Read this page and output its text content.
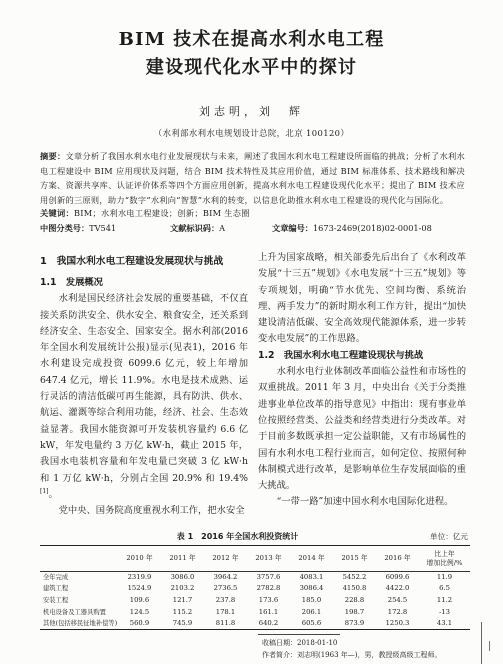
BIM 技术在提高水利水电工程
建设现代化水平中的探讨
刘志明，刘　辉
（水利部水利水电规划设计总院，北京 100120）
摘要：文章分析了我国水利水电行业发展现状与未来，阐述了我国水利水电工程建设所面临的挑战；分析了水利水电工程建设中 BIM 应用现状及问题，结合 BIM 技术特性及其应用价值，通过 BIM 标准体系、技术路线和解决方案、资源共享库、认证评价体系等四个方面应用创新，提高水利水电工程建设现代化水平；提出了 BIM 技术应用创新的三原则，助力“数字”水利向“智慧”水利的转变，以信息化助推水利水电工程建设的现代化与国际化。
关键词：BIM；水利水电工程建设；创新；BIM 生态圈
中图分类号：TV541	文献标识码：A	文章编号：1673-2469(2018)02-0001-08
1　我国水利水电工程建设发展现状与挑战
1.1　发展概况

水利是国民经济社会发展的重要基础，不仅直接关系防洪安全、供水安全、粮食安全，还关系到经济安全、生态安全、国家安全。据水利部(2016 年全国水利发展统计公报)显示(见表1)，2016 年水利建设完成投资 6099.6 亿元，较上年增加 647.4 亿元，增长 11.9%。水电是技术成熟、运行灵活的清洁低碳可再生能源，具有防洪、供水、航运、灌溉等综合利用功能，经济、社会、生态效益显著。我国水能资源可开发装机容量约 6.6 亿 kW，年发电量约 3 万亿 kW·h，截止 2015 年，我国水电装机容量和年发电量已突破 3 亿 kW·h 和 1 万亿 kW·h，分别占全国 20.9% 和 19.4%[1]。

党中央、国务院高度重视水利工作，把水安全

上升为国家战略，相关部委先后出台了《水利改革发展“十三五”规划》《水电发展“十三五”规划》等专项规划，明确“节水优先、空间均衡、系统治理、两手发力”的新时期水利工作方针，提出“加快建设清洁低碳、安全高效现代能源体系，进一步转变水电发展”的工作思路。

1.2　我国水利水电工程建设现状与挑战

水利水电行业体制改革面临公益性和市场性的双重挑战。2011 年 3 月，中央出台《关于分类推进事业单位改革的指导意见》中指出：现有事业单位按照经营类、公益类和经营类进行分类改革。对于目前多数既承担一定公益职能，又有市场属性的国有水利水电工程行业而言，如何定位、按照何种体制模式进行改革，是影响单位生存发展面临的重大挑战。

“一带一路”加速中国水利水电国际化进程。

表 1　2016 年全国水利投资统计	单位：亿元
	2010 年	2011 年	2012 年	2013 年	2014 年	2015 年	2016 年	比上年
增加比例/%
全年完成	2319.9	3086.0	3964.2	3757.6	4083.1	5452.2	6099.6	11.9
建筑工程	1524.9	2103.2	2736.5	2782.8	3086.4	4150.8	4422.0	6.5
安装工程	109.6	121.7	237.8	173.6	185.0	228.8	254.5	11.2
机电设备及工器具购置	124.5	115.2	178.1	161.1	206.1	198.7	172.8	-13
其他(包括移民征地补偿等)	560.9	745.9	811.8	640.2	605.6	873.9	1250.3	43.1
收稿日期：2018-01-10
作者简介：刘志明(1963 年—)，男，教授级高级工程师。
